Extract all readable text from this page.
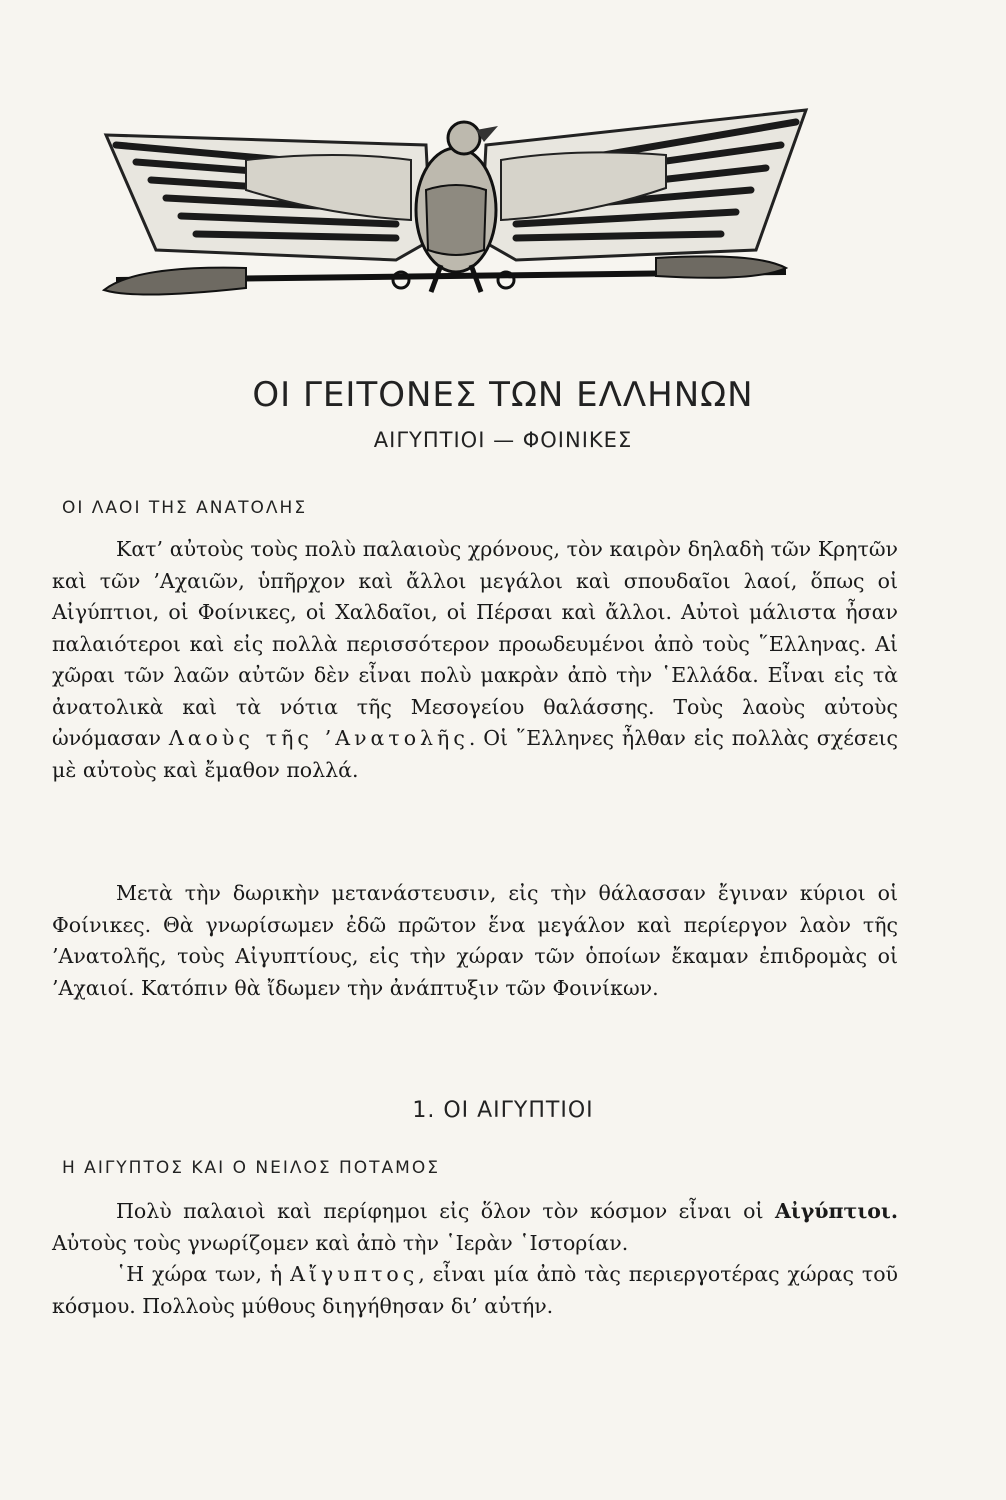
ΟΙ ΓΕΙΤΟΝΕΣ ΤΩΝ ΕΛΛΗΝΩΝ
ΑΙΓΥΠΤΙΟΙ — ΦΟΙΝΙΚΕΣ

ΟΙ ΛΑΟΙ ΤΗΣ ΑΝΑΤΟΛΗΣ

Κατ’ αὐτοὺς τοὺς πολὺ παλαιοὺς χρόνους, τὸν καιρὸν δηλαδὴ τῶν Κρητῶν καὶ τῶν ’Αχαιῶν, ὑπῆρχον καὶ ἄλλοι μεγάλοι καὶ σπουδαῖοι λαοί, ὅπως οἱ Αἰγύπτιοι, οἱ Φοίνικες, οἱ Χαλδαῖοι, οἱ Πέρσαι καὶ ἄλλοι. Αὐτοὶ μάλιστα ἦσαν παλαιότεροι καὶ εἰς πολλὰ περισσότερον προωδευμένοι ἀπὸ τοὺς ῞Ελληνας. Αἱ χῶραι τῶν λαῶν αὐτῶν δὲν εἶναι πολὺ μακρὰν ἀπὸ τὴν ῾Ελλάδα. Εἶναι εἰς τὰ ἀνατολικὰ καὶ τὰ νότια τῆς Μεσογείου θαλάσσης. Τοὺς λαοὺς αὐτοὺς ὠνόμασαν Λαοὺς τῆς ’Ανατολῆς. Οἱ ῞Ελληνες ἦλθαν εἰς πολλὰς σχέσεις μὲ αὐτοὺς καὶ ἔμαθον πολλά.

Μετὰ τὴν δωρικὴν μετανάστευσιν, εἰς τὴν θάλασσαν ἔγιναν κύριοι οἱ Φοίνικες. Θὰ γνωρίσωμεν ἐδῶ πρῶτον ἕνα μεγάλον καὶ περίεργον λαὸν τῆς ’Ανατολῆς, τοὺς Αἰγυπτίους, εἰς τὴν χώραν τῶν ὁποίων ἔκαμαν ἐπιδρομὰς οἱ ’Αχαιοί. Κατόπιν θὰ ἴδωμεν τὴν ἀνάπτυξιν τῶν Φοινίκων.

1. ΟΙ ΑΙΓΥΠΤΙΟΙ

Η ΑΙΓΥΠΤΟΣ ΚΑΙ Ο ΝΕΙΛΟΣ ΠΟΤΑΜΟΣ

Πολὺ παλαιοὶ καὶ περίφημοι εἰς ὅλον τὸν κόσμον εἶναι οἱ Αἰγύπτιοι. Αὐτοὺς τοὺς γνωρίζομεν καὶ ἀπὸ τὴν ῾Ιερὰν ῾Ιστορίαν.
῾Η χώρα των, ἡ Αἴγυπτος, εἶναι μία ἀπὸ τὰς περιεργοτέρας χώρας τοῦ κόσμου. Πολλοὺς μύθους διηγήθησαν δι’ αὐτήν.
